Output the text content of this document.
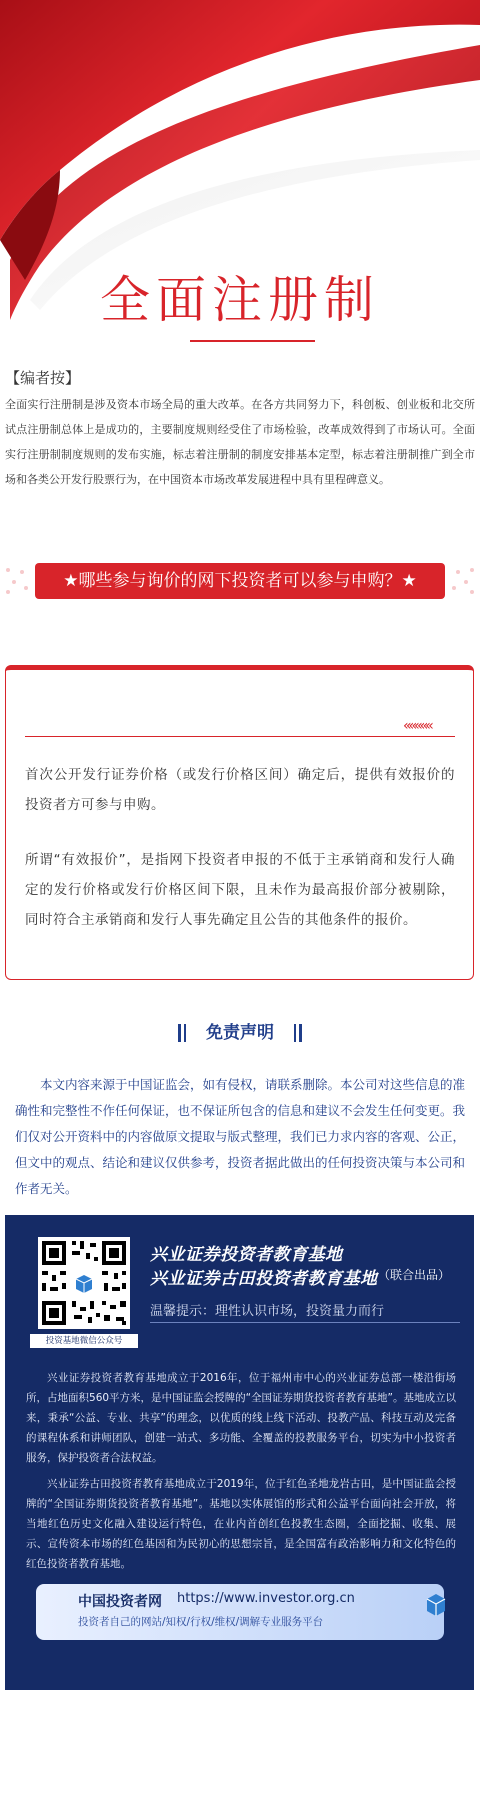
全面注册制
【编者按】
全面实行注册制是涉及资本市场全局的重大改革。在各方共同努力下，科创板、创业板和北交所试点注册制总体上是成功的，主要制度规则经受住了市场检验，改革成效得到了市场认可。全面实行注册制制度规则的发布实施，标志着注册制的制度安排基本定型，标志着注册制推广到全市场和各类公开发行股票行为，在中国资本市场改革发展进程中具有里程碑意义。
★哪些参与询价的网下投资者可以参与申购？★
«««««
首次公开发行证券价格（或发行价格区间）确定后，提供有效报价的投资者方可参与申购。
所谓“有效报价”，是指网下投资者申报的不低于主承销商和发行人确定的发行价格或发行价格区间下限，且未作为最高报价部分被剔除，同时符合主承销商和发行人事先确定且公告的其他条件的报价。
免责声明
本文内容来源于中国证监会，如有侵权，请联系删除。本公司对这些信息的准确性和完整性不作任何保证，也不保证所包含的信息和建议不会发生任何变更。我们仅对公开资料中的内容做原文提取与版式整理，我们已力求内容的客观、公正，但文中的观点、结论和建议仅供参考，投资者据此做出的任何投资决策与本公司和作者无关。
投资基地微信公众号
兴业证券投资者教育基地
兴业证券古田投资者教育基地 （联合出品）
温馨提示：理性认识市场，投资量力而行
兴业证券投资者教育基地成立于2016年，位于福州市中心的兴业证券总部一楼沿街场所，占地面积560平方米，是中国证监会授牌的“全国证券期货投资者教育基地”。基地成立以来，秉承“公益、专业、共享”的理念，以优质的线上线下活动、投教产品、科技互动及完备的课程体系和讲师团队，创建一站式、多功能、全覆盖的投教服务平台，切实为中小投资者服务，保护投资者合法权益。
兴业证券古田投资者教育基地成立于2019年，位于红色圣地龙岩古田，是中国证监会授牌的“全国证券期货投资者教育基地”。基地以实体展馆的形式和公益平台面向社会开放，将当地红色历史文化融入建设运行特色，在业内首创红色投教生态圈，全面挖掘、收集、展示、宣传资本市场的红色基因和为民初心的思想宗旨，是全国富有政治影响力和文化特色的红色投资者教育基地。
中国投资者网 https://www.investor.org.cn
投资者自己的网站/知权/行权/维权/调解专业服务平台
